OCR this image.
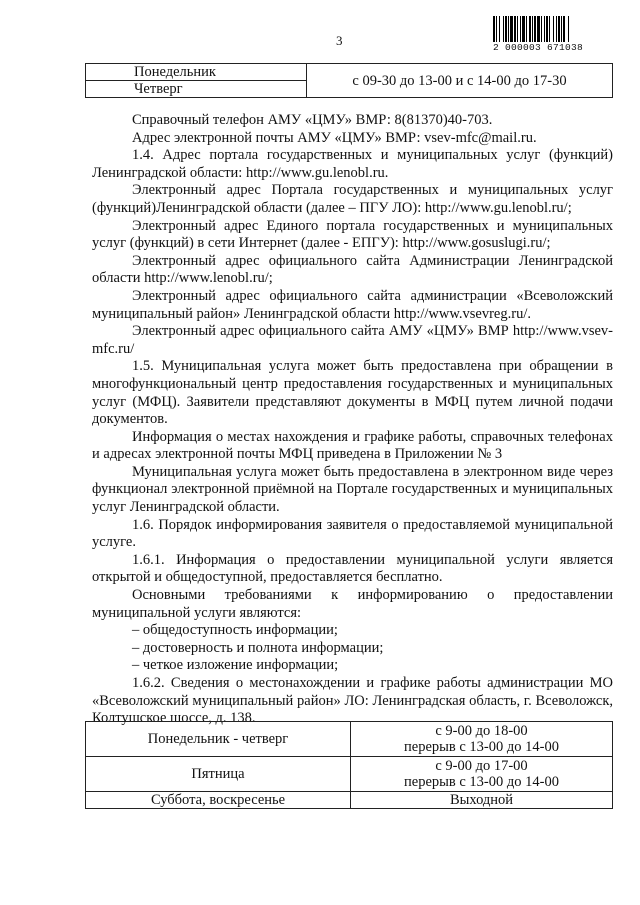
3	2 000003 671038
Понедельник	с 09-30 до 13-00 и с 14-00 до 17-30
Четверг

Справочный телефон АМУ «ЦМУ» ВМР: 8(81370)40-703.

Адрес электронной почты АМУ «ЦМУ» ВМР: vsev-mfc@mail.ru.

1.4. Адрес портала государственных и муниципальных услуг (функций) Ленинградской области: http://www.gu.lenobl.ru.

Электронный адрес Портала государственных и муниципальных услуг (функций)Ленинградской области (далее – ПГУ ЛО): http://www.gu.lenobl.ru/;

Электронный адрес Единого портала государственных и муниципальных услуг (функций) в сети Интернет (далее - ЕПГУ): http://www.gosuslugi.ru/;

Электронный адрес официального сайта Администрации Ленинградской области http://www.lenobl.ru/;

Электронный адрес официального сайта администрации «Всеволожский муниципальный район» Ленинградской области http://www.vsevreg.ru/.

Электронный адрес официального сайта АМУ «ЦМУ» ВМР http://www.vsev-mfc.ru/

1.5. Муниципальная услуга может быть предоставлена при обращении в многофункциональный центр предоставления государственных и муниципальных услуг (МФЦ). Заявители представляют документы в МФЦ путем личной подачи документов.

Информация о местах нахождения и графике работы, справочных телефонах и адресах электронной почты МФЦ приведена в Приложении № 3

Муниципальная услуга может быть предоставлена в электронном виде через функционал электронной приёмной на Портале государственных и муниципальных услуг Ленинградской области.

1.6. Порядок информирования заявителя о предоставляемой муниципальной услуге.

1.6.1. Информация о предоставлении муниципальной услуги является открытой и общедоступной, предоставляется бесплатно.

Основными требованиями к информированию о предоставлении муниципальной услуги являются:

– общедоступность информации;
– достоверность и полнота информации;
– четкое изложение информации;

1.6.2. Сведения о местонахождении и графике работы администрации МО «Всеволожский муниципальный район» ЛО: Ленинградская область, г. Всеволожск, Колтушское шоссе, д. 138.

Понедельник - четверг	с 9-00 до 18-00
перерыв с 13-00 до 14-00

Пятница	с 9-00 до 17-00
перерыв с 13-00 до 14-00

Суббота, воскресенье	Выходной
